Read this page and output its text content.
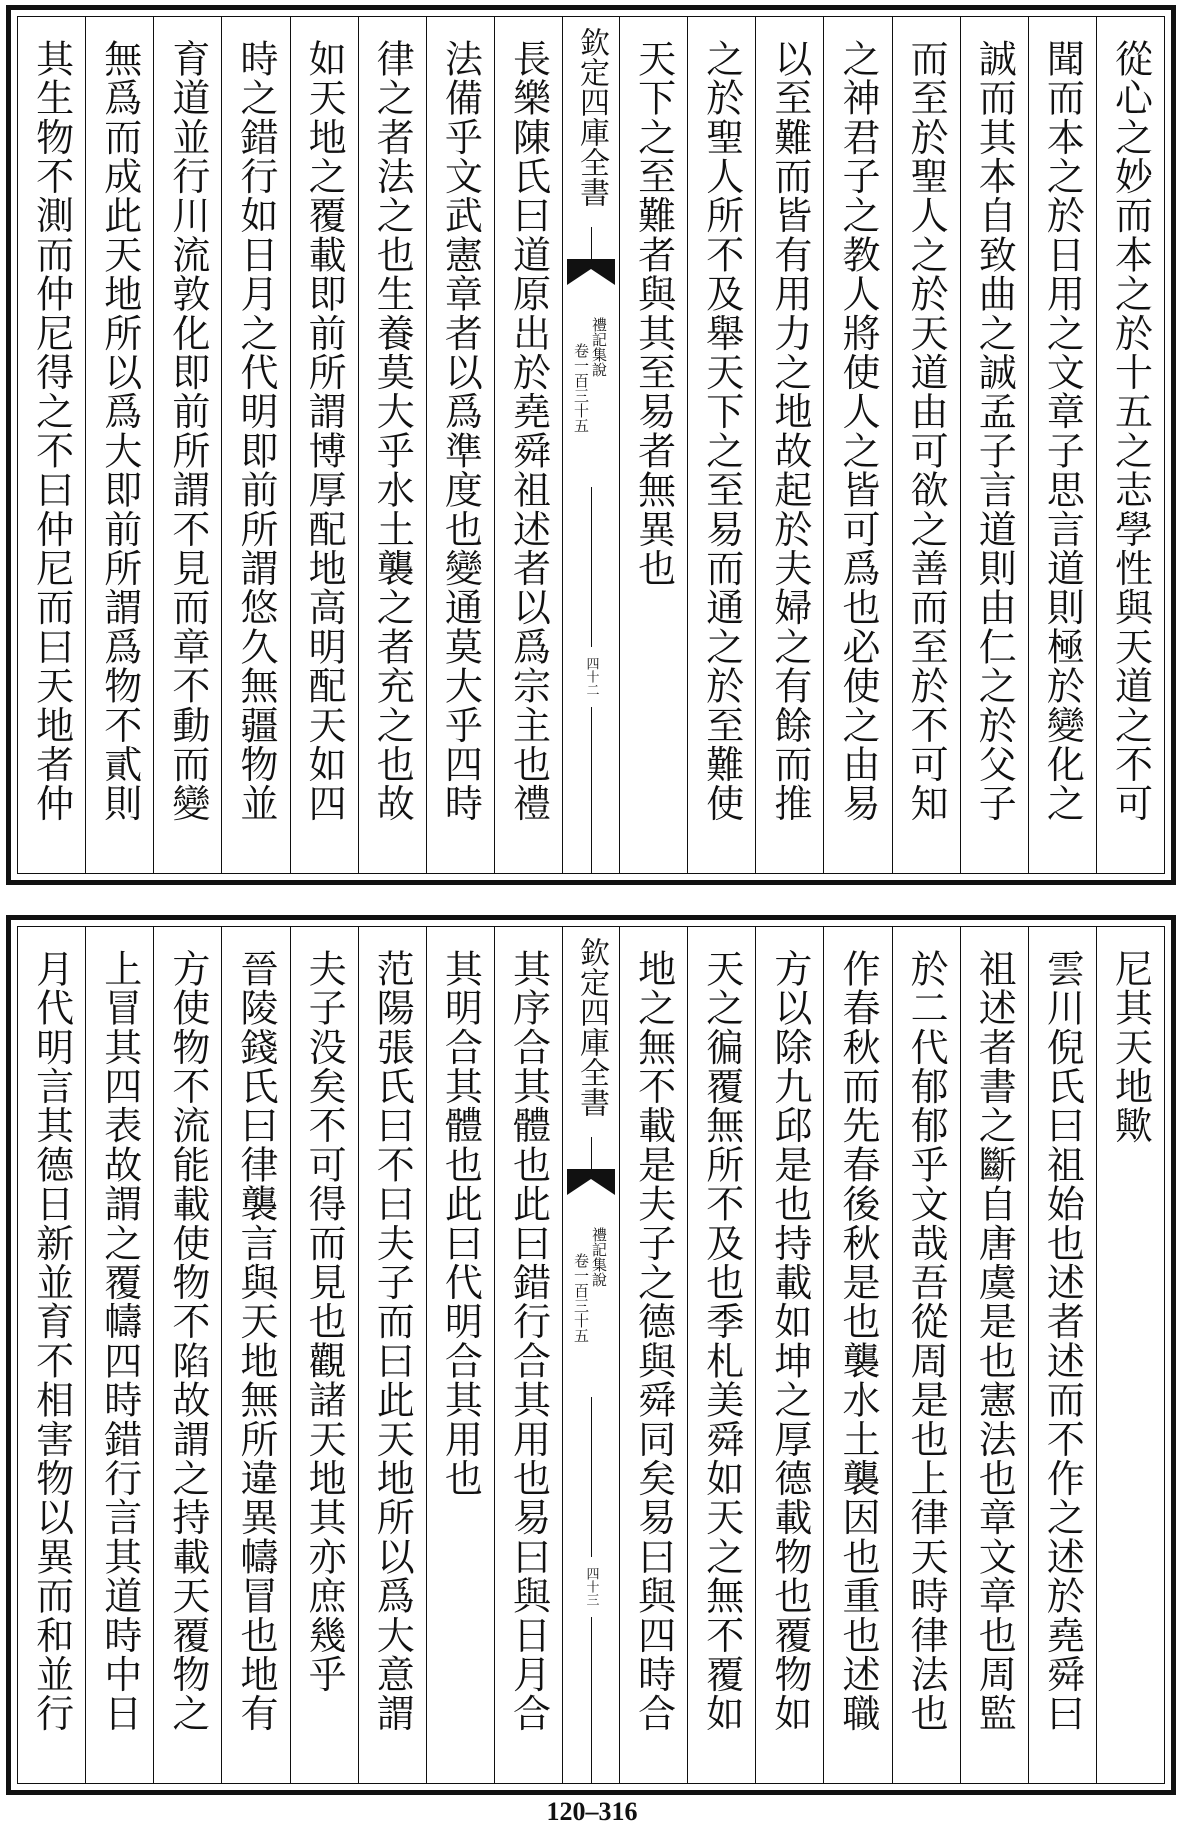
從心之妙而本之於十五之志學性與天道之不可
聞而本之於日用之文章子思言道則極於變化之
誠而其本自致曲之誠孟子言道則由仁之於父子
而至於聖人之於天道由可欲之善而至於不可知
之神君子之教人將使人之皆可爲也必使之由易
以至難而皆有用力之地故起於夫婦之有餘而推
之於聖人所不及舉天下之至易而通之於至難使
天下之至難者與其至易者無異也
欽定四庫全書
禮記集說
卷一百三十五
四十二
長樂陳氏曰道原出於堯舜祖述者以爲宗主也禮
法備乎文武憲章者以爲準度也變通莫大乎四時
律之者法之也生養莫大乎水土襲之者充之也故
如天地之覆載即前所謂博厚配地高明配天如四
時之錯行如日月之代明即前所謂悠久無疆物並
育道並行川流敦化即前所謂不見而章不動而變
無爲而成此天地所以爲大即前所謂爲物不貳則
其生物不測而仲尼得之不曰仲尼而曰天地者仲
尼其天地歟
雲川倪氏曰祖始也述者述而不作之述於堯舜曰
祖述者書之斷自唐虞是也憲法也章文章也周監
於二代郁郁乎文哉吾從周是也上律天時律法也
作春秋而先春後秋是也襲水土襲因也重也述職
方以除九邱是也持載如坤之厚德載物也覆物如
天之徧覆無所不及也季札美舜如天之無不覆如
地之無不載是夫子之德與舜同矣易曰與四時合
欽定四庫全書
禮記集說
卷一百三十五
四十三
其序合其體也此曰錯行合其用也易曰與日月合
其明合其體也此曰代明合其用也
范陽張氏曰不曰夫子而曰此天地所以爲大意謂
夫子没矣不可得而見也觀諸天地其亦庶幾乎
晉陵錢氏曰律襲言與天地無所違異幬冒也地有
方使物不流能載使物不陷故謂之持載天覆物之
上冒其四表故謂之覆幬四時錯行言其道時中日
月代明言其德日新並育不相害物以異而和並行
120–316
